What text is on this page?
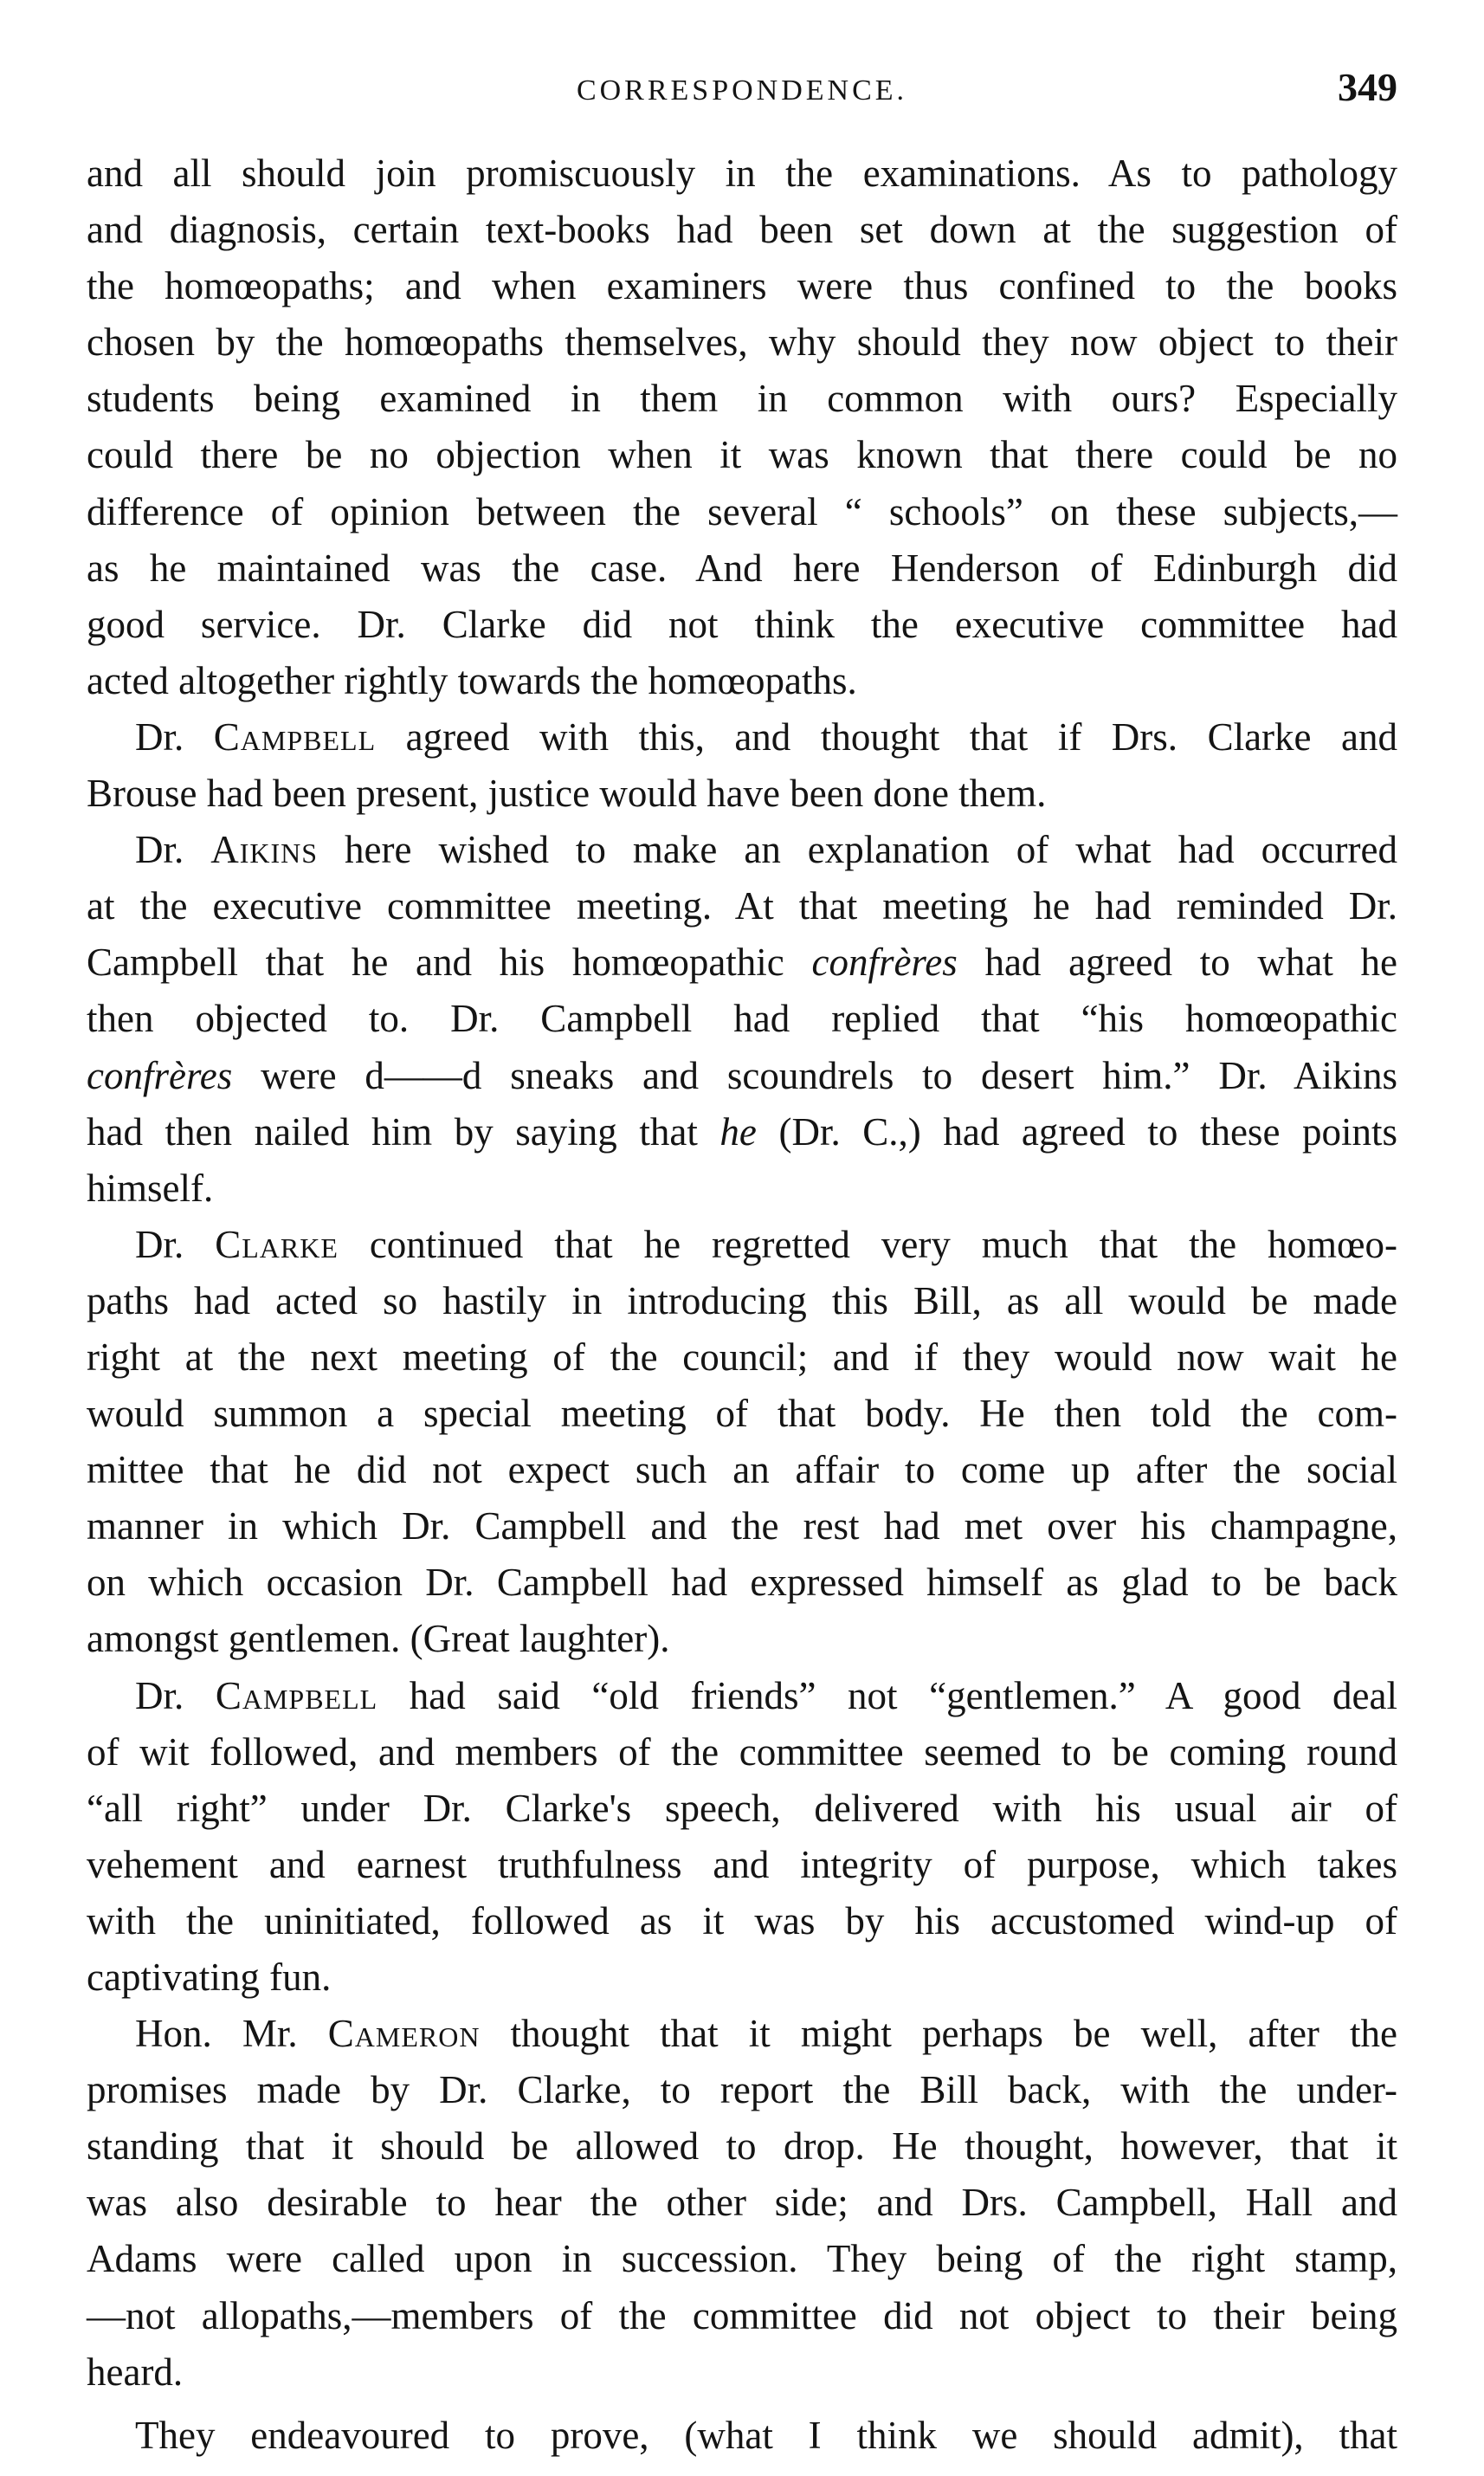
CORRESPONDENCE.	349
and all should join promiscuously in the examinations. As to pathology
and diagnosis, certain text-books had been set down at the suggestion of
the homœopaths; and when examiners were thus confined to the books
chosen by the homœopaths themselves, why should they now object to their
students being examined in them in common with ours? Especially
could there be no objection when it was known that there could be no
difference of opinion between the several “ schools” on these subjects,—
as he maintained was the case. And here Henderson of Edinburgh did
good service. Dr. Clarke did not think the executive committee had
acted altogether rightly towards the homœopaths.
Dr. Campbell agreed with this, and thought that if Drs. Clarke and
Brouse had been present, justice would have been done them.
Dr. Aikins here wished to make an explanation of what had occurred
at the executive committee meeting. At that meeting he had reminded Dr.
Campbell that he and his homœopathic confrères had agreed to what he
then objected to. Dr. Campbell had replied that “his homœopathic
confrères were d——d sneaks and scoundrels to desert him.” Dr. Aikins
had then nailed him by saying that he (Dr. C.,) had agreed to these points
himself.
Dr. Clarke continued that he regretted very much that the homœo-
paths had acted so hastily in introducing this Bill, as all would be made
right at the next meeting of the council; and if they would now wait he
would summon a special meeting of that body. He then told the com-
mittee that he did not expect such an affair to come up after the social
manner in which Dr. Campbell and the rest had met over his champagne,
on which occasion Dr. Campbell had expressed himself as glad to be back
amongst gentlemen. (Great laughter).
Dr. Campbell had said “old friends” not “gentlemen.” A good deal
of wit followed, and members of the committee seemed to be coming round
“all right” under Dr. Clarke's speech, delivered with his usual air of
vehement and earnest truthfulness and integrity of purpose, which takes
with the uninitiated, followed as it was by his accustomed wind-up of
captivating fun.
Hon. Mr. Cameron thought that it might perhaps be well, after the
promises made by Dr. Clarke, to report the Bill back, with the under-
standing that it should be allowed to drop. He thought, however, that it
was also desirable to hear the other side; and Drs. Campbell, Hall and
Adams were called upon in succession. They being of the right stamp,
—not allopaths,—members of the committee did not object to their being
heard.
They endeavoured to prove, (what I think we should admit), that
